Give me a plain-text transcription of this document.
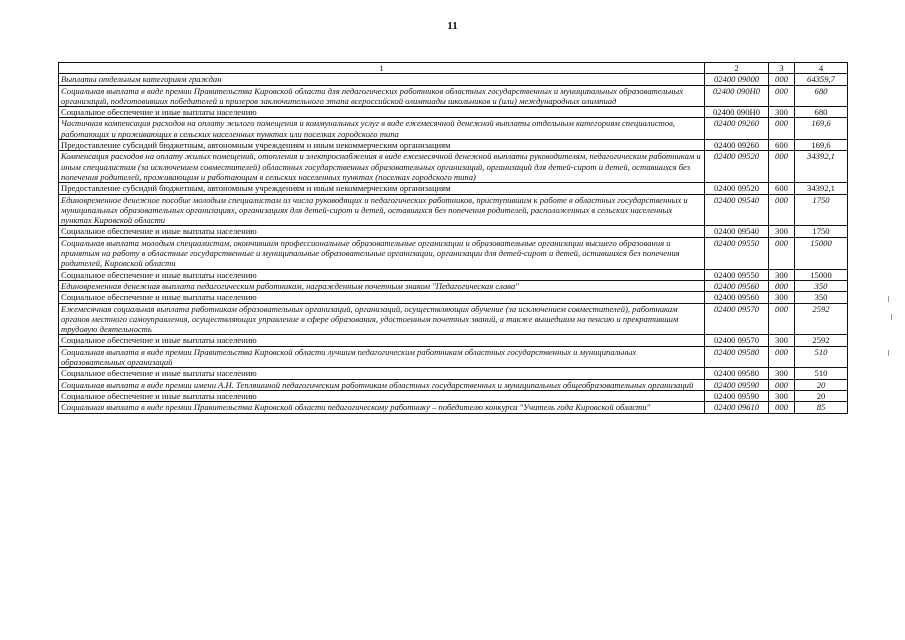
11
1	2	3	4
Выплаты отдельным категориям граждан	02400 09000	000	64359,7
Социальная выплата в виде премии Правительства Кировской области для педагогических работников областных государственных и муниципальных образовательных организаций, подготовивших победителей и призеров заключительного этапа всероссийской олимпиады школьников и (или) международных олимпиад	02400 090Н0	000	680
Социальное обеспечение и иные выплаты населению	02400 090Н0	300	680
Частичная компенсация расходов на оплату жилого помещения и коммунальных услуг в виде ежемесячной денежной выплаты отдельным категориям специалистов, работающих и проживающих в сельских населенных пунктах или поселках городского типа	02400 09260	000	169,6
Предоставление субсидий бюджетным, автономным учреждениям и иным некоммерческим организациям	02400 09260	600	169,6
Компенсация расходов на оплату жилых помещений, отопления и электроснабжения в виде ежемесячной денежной выплаты руководителям, педагогическим работникам и иным специалистам (за исключением совместителей) областных государственных образовательных организаций, организаций для детей-сирот и детей, оставшихся без попечения родителей, проживающим и работающим в сельских населенных пунктах (поселках городского типа)	02400 09520	000	34392,1
Предоставление субсидий бюджетным, автономным учреждениям и иным некоммерческим организациям	02400 09520	600	34392,1
Единовременное денежное пособие молодым специалистам из числа руководящих и педагогических работников, приступившим к работе в областных государственных и муниципальных образовательных организациях, организациях для детей-сирот и детей, оставшихся без попечения родителей, расположенных в сельских населенных пунктах Кировской области	02400 09540	000	1750
Социальное обеспечение и иные выплаты населению	02400 09540	300	1750
Социальная выплата молодым специалистам, окончившим профессиональные образовательные организации и образовательные организации высшего образования и принятым на работу в областные государственные и муниципальные образовательные организации, организации для детей-сирот и детей, оставшихся без попечения родителей, Кировской области	02400 09550	000	15000
Социальное обеспечение и иные выплаты населению	02400 09550	300	15000
Единовременная денежная выплата педагогическим работникам, награжденным почетным знаком "Педагогическая слава"	02400 09560	000	350
Социальное обеспечение и иные выплаты населению	02400 09560	300	350
Ежемесячная социальная выплата работникам образовательных организаций, организаций, осуществляющих обучение (за исключением совместителей), работникам органов местного самоуправления, осуществляющих управление в сфере образования, удостоенным почетных званий, а также вышедшим на пенсию и прекратившим трудовую деятельность	02400 09570	000	2592
Социальное обеспечение и иные выплаты населению	02400 09570	300	2592
Социальная выплата в виде премии Правительства Кировской области лучшим педагогическим работникам областных государственных и муниципальных образовательных организаций	02400 09580	000	510
Социальное обеспечение и иные выплаты населению	02400 09580	300	510
Социальная выплата в виде премии имени А.Н. Тепляшиной педагогическим работникам областных государственных и муниципальных общеобразовательных организаций	02400 09590	000	20
Социальное обеспечение и иные выплаты населению	02400 09590	300	20
Социальная выплата в виде премии Правительства Кировской области педагогическому работнику – победителю конкурса "Учитель года Кировской области"	02400 09610	000	85
